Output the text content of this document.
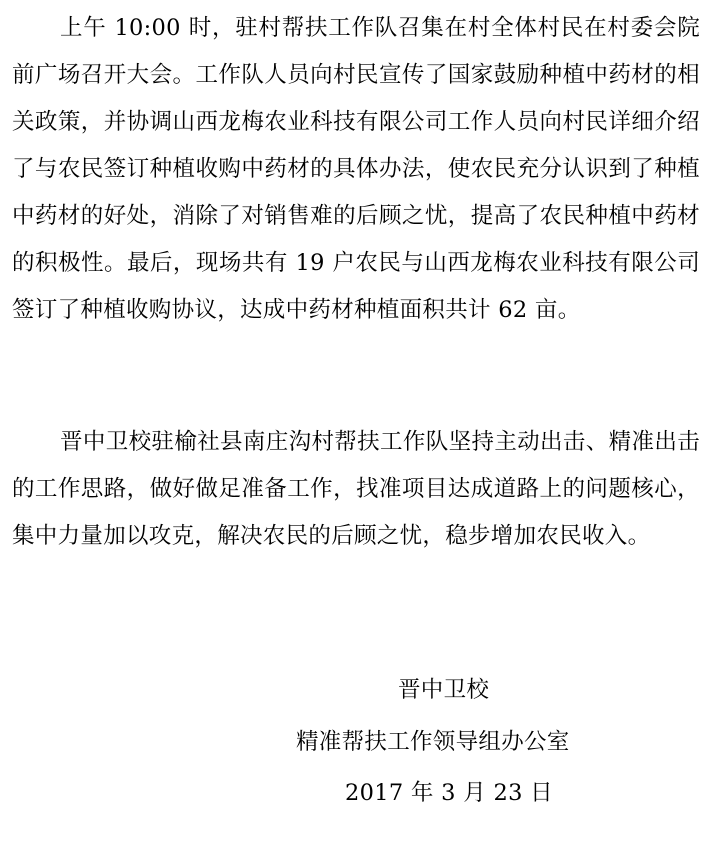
上午 10:00 时，驻村帮扶工作队召集在村全体村民在村委会院前广场召开大会。工作队人员向村民宣传了国家鼓励种植中药材的相关政策，并协调山西龙梅农业科技有限公司工作人员向村民详细介绍了与农民签订种植收购中药材的具体办法，使农民充分认识到了种植中药材的好处，消除了对销售难的后顾之忧，提高了农民种植中药材的积极性。最后，现场共有 19 户农民与山西龙梅农业科技有限公司签订了种植收购协议，达成中药材种植面积共计 62 亩。

晋中卫校驻榆社县南庄沟村帮扶工作队坚持主动出击、精准出击的工作思路，做好做足准备工作，找准项目达成道路上的问题核心，集中力量加以攻克，解决农民的后顾之忧，稳步增加农民收入。

晋中卫校
精准帮扶工作领导组办公室
2017 年 3 月 23 日
